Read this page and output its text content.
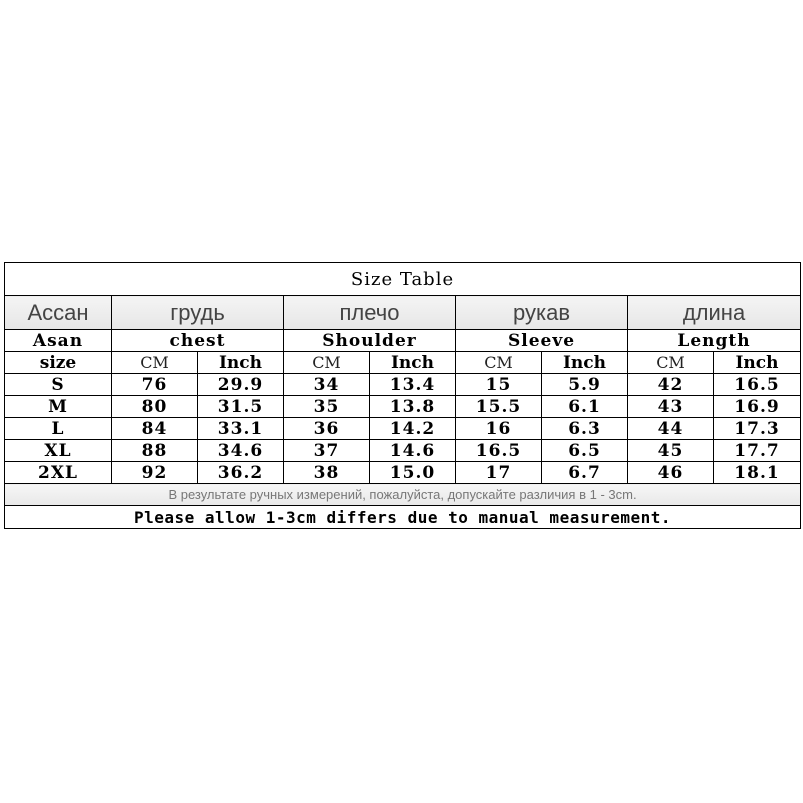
Size Table								
Асcан	грудь		плечо		рукав		длина	
Asan	chest		Shoulder		Sleeve		Length	
size	CM	Inch	CM	Inch	CM	Inch	CM	Inch
S	76	29.9	34	13.4	15	5.9	42	16.5
M	80	31.5	35	13.8	15.5	6.1	43	16.9
L	84	33.1	36	14.2	16	6.3	44	17.3
XL	88	34.6	37	14.6	16.5	6.5	45	17.7
2XL	92	36.2	38	15.0	17	6.7	46	18.1
В результате ручных измерений, пожалуйста, допускайте различия в 1 - 3cm.								
Please allow 1-3cm differs due to manual measurement.								
